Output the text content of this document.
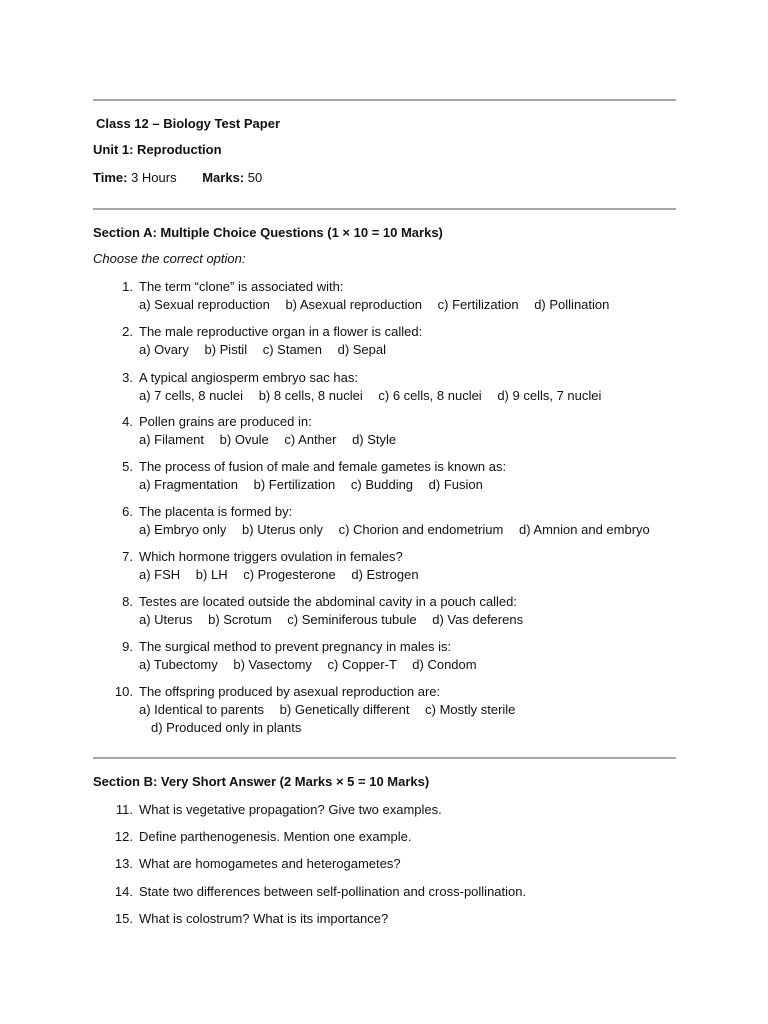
Class 12 – Biology Test Paper
Unit 1: Reproduction
Time: 3 Hours Marks: 50
Section A: Multiple Choice Questions (1 × 10 = 10 Marks)
Choose the correct option:
1. The term “clone” is associated with:
a) Sexual reproduction b) Asexual reproduction c) Fertilization d) Pollination
2. The male reproductive organ in a flower is called:
a) Ovary b) Pistil c) Stamen d) Sepal
3. A typical angiosperm embryo sac has:
a) 7 cells, 8 nuclei b) 8 cells, 8 nuclei c) 6 cells, 8 nuclei d) 9 cells, 7 nuclei
4. Pollen grains are produced in:
a) Filament b) Ovule c) Anther d) Style
5. The process of fusion of male and female gametes is known as:
a) Fragmentation b) Fertilization c) Budding d) Fusion
6. The placenta is formed by:
a) Embryo only b) Uterus only c) Chorion and endometrium d) Amnion and embryo
7. Which hormone triggers ovulation in females?
a) FSH b) LH c) Progesterone d) Estrogen
8. Testes are located outside the abdominal cavity in a pouch called:
a) Uterus b) Scrotum c) Seminiferous tubule d) Vas deferens
9. The surgical method to prevent pregnancy in males is:
a) Tubectomy b) Vasectomy c) Copper-T d) Condom
10. The offspring produced by asexual reproduction are:
a) Identical to parents b) Genetically different c) Mostly sterile d) Produced only in plants
Section B: Very Short Answer (2 Marks × 5 = 10 Marks)
11. What is vegetative propagation? Give two examples.
12. Define parthenogenesis. Mention one example.
13. What are homogametes and heterogametes?
14. State two differences between self-pollination and cross-pollination.
15. What is colostrum? What is its importance?
